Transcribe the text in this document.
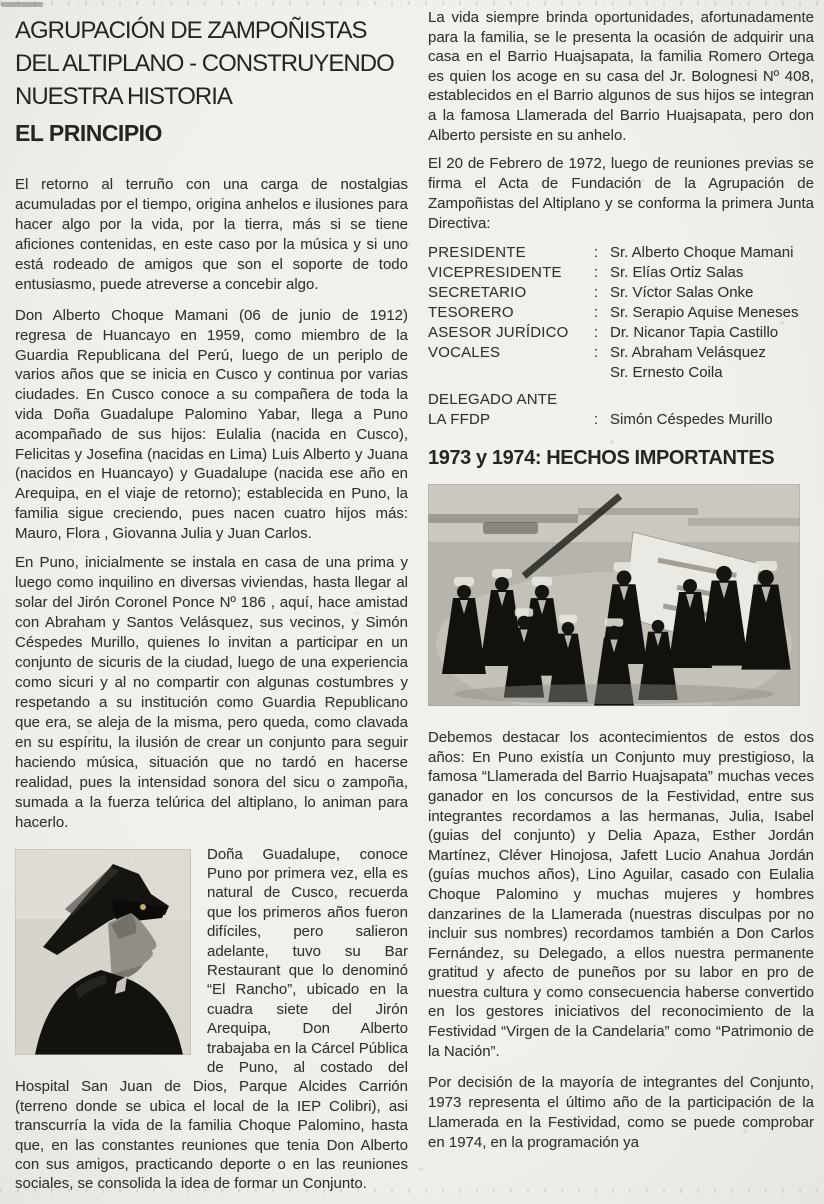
AGRUPACIÓN DE ZAMPOÑISTAS
DEL ALTIPLANO - CONSTRUYENDO
NUESTRA HISTORIA
EL PRINCIPIO

El retorno al terruño con una carga de nostalgias acumuladas por el tiempo, origina anhelos e ilusiones para hacer algo por la vida, por la tierra, más si se tiene aficiones contenidas, en este caso por la música y si uno está rodeado de amigos que son el soporte de todo entusiasmo, puede atreverse a concebir algo.

Don Alberto Choque Mamani (06 de junio de 1912) regresa de Huancayo en 1959, como miembro de la Guardia Republicana del Perú, luego de un periplo de varios años que se inicia en Cusco y continua por varias ciudades. En Cusco conoce a su compañera de toda la vida Doña Guadalupe Palomino Yabar, llega a Puno acompañado de sus hijos: Eulalia (nacida en Cusco), Felicitas y Josefina (nacidas en Lima) Luis Alberto y Juana (nacidos en Huancayo) y Guadalupe (nacida ese año en Arequipa, en el viaje de retorno); establecida en Puno, la familia sigue creciendo, pues nacen cuatro hijos más: Mauro, Flora , Giovanna Julia y Juan Carlos.

En Puno, inicialmente se instala en casa de una prima y luego como inquilino en diversas viviendas, hasta llegar al solar del Jirón Coronel Ponce Nº 186 , aquí, hace amistad con Abraham y Santos Velásquez, sus vecinos, y Simón Céspedes Murillo, quienes lo invitan a participar en un conjunto de sicuris de la ciudad, luego de una experiencia como sicuri y al no compartir con algunas costumbres y respetando a su institución como Guardia Republicano que era, se aleja de la misma, pero queda, como clavada en su espíritu, la ilusión de crear un conjunto para seguir haciendo música, situación que no tardó en hacerse realidad, pues la intensidad sonora del sicu o zampoña, sumada a la fuerza telúrica del altiplano, lo animan para hacerlo.

Doña Guadalupe, conoce Puno por primera vez, ella es natural de Cusco, recuerda que los primeros años fueron difíciles, pero salieron adelante, tuvo su Bar Restaurant que lo denominó “El Rancho”, ubicado en la cuadra siete del Jirón Arequipa, Don Alberto trabajaba en la Cárcel Pública de Puno, al costado del Hospital San Juan de Dios, Parque Alcides Carrión (terreno donde se ubica el local de la IEP Colibri), asi transcurría la vida de la familia Choque Palomino, hasta que, en las constantes reuniones que tenia Don Alberto con sus amigos, practicando deporte o en las reuniones sociales, se consolida la idea de formar un Conjunto.

La vida siempre brinda oportunidades, afortunadamente para la familia, se le presenta la ocasión de adquirir una casa en el Barrio Huajsapata, la familia Romero Ortega es quien los acoge en su casa del Jr. Bolognesi Nº 408, establecidos en el Barrio algunos de sus hijos se integran a la famosa Llamerada del Barrio Huajsapata, pero don Alberto persiste en su anhelo.

El 20 de Febrero de 1972, luego de reuniones previas se firma el Acta de Fundación de la Agrupación de Zampoñistas del Altiplano y se conforma la primera Junta Directiva:

PRESIDENTE	: Sr. Alberto Choque Mamani
VICEPRESIDENTE	: Sr. Elías Ortiz Salas
SECRETARIO	: Sr. Víctor Salas Onke
TESORERO	: Sr. Serapio Aquise Meneses
ASESOR JURÍDICO	: Dr. Nicanor Tapia Castillo
VOCALES	: Sr. Abraham Velásquez
Sr. Ernesto Coila
DELEGADO ANTE
LA FFDP	: Simón Céspedes Murillo
1973 y 1974: HECHOS IMPORTANTES

Debemos destacar los acontecimientos de estos dos años: En Puno existía un Conjunto muy prestigioso, la famosa “Llamerada del Barrio Huajsapata” muchas veces ganador en los concursos de la Festividad, entre sus integrantes recordamos a las hermanas, Julia, Isabel (guias del conjunto) y Delia Apaza, Esther Jordán Martínez, Cléver Hinojosa, Jafett Lucio Anahua Jordán (guías muchos años), Lino Aguilar, casado con Eulalia Choque Palomino y muchas mujeres y hombres danzarines de la Llamerada (nuestras disculpas por no incluir sus nombres) recordamos también a Don Carlos Fernández, su Delegado, a ellos nuestra permanente gratitud y afecto de puneños por su labor en pro de nuestra cultura y como consecuencia haberse convertido en los gestores iniciativos del reconocimiento de la Festividad “Virgen de la Candelaria” como “Patrimonio de la Nación”.

Por decisión de la mayoría de integrantes del Conjunto, 1973 representa el último año de la participación de la Llamerada en la Festividad, como se puede comprobar en 1974, en la programación ya
